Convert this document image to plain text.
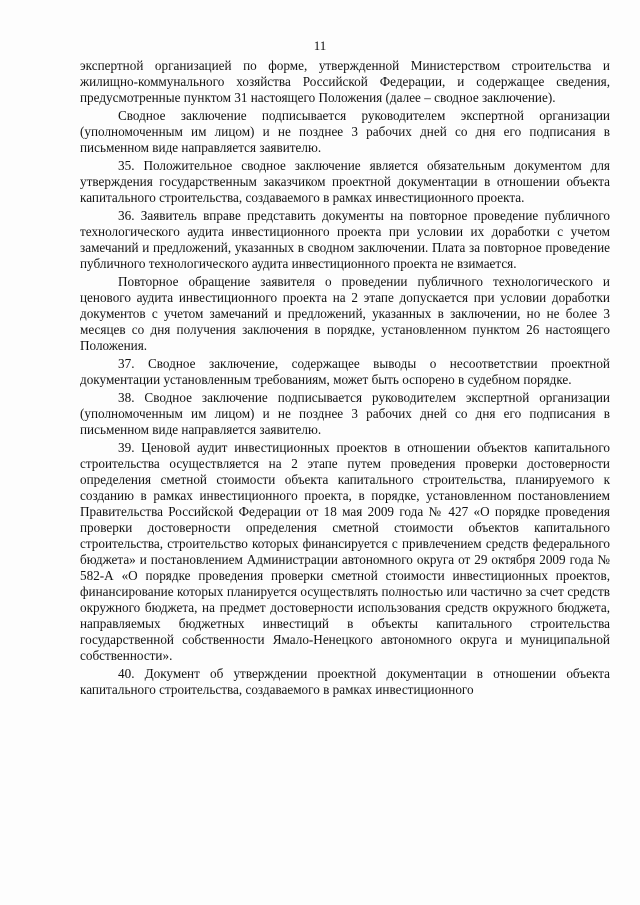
11

экспертной организацией по форме, утвержденной Министерством строительства и жилищно-коммунального хозяйства Российской Федерации, и содержащее сведения, предусмотренные пунктом 31 настоящего Положения (далее – сводное заключение).

Сводное заключение подписывается руководителем экспертной организации (уполномоченным им лицом) и не позднее 3 рабочих дней со дня его подписания в письменном виде направляется заявителю.

35. Положительное сводное заключение является обязательным документом для утверждения государственным заказчиком проектной документации в отношении объекта капитального строительства, создаваемого в рамках инвестиционного проекта.

36. Заявитель вправе представить документы на повторное проведение публичного технологического аудита инвестиционного проекта при условии их доработки с учетом замечаний и предложений, указанных в сводном заключении. Плата за повторное проведение публичного технологического аудита инвестиционного проекта не взимается.

Повторное обращение заявителя о проведении публичного технологического и ценового аудита инвестиционного проекта на 2 этапе допускается при условии доработки документов с учетом замечаний и предложений, указанных в заключении, но не более 3 месяцев со дня получения заключения в порядке, установленном пунктом 26 настоящего Положения.

37. Сводное заключение, содержащее выводы о несоответствии проектной документации установленным требованиям, может быть оспорено в судебном порядке.

38. Сводное заключение подписывается руководителем экспертной организации (уполномоченным им лицом) и не позднее 3 рабочих дней со дня его подписания в письменном виде направляется заявителю.

39. Ценовой аудит инвестиционных проектов в отношении объектов капитального строительства осуществляется на 2 этапе путем проведения проверки достоверности определения сметной стоимости объекта капитального строительства, планируемого к созданию в рамках инвестиционного проекта, в порядке, установленном постановлением Правительства Российской Федерации от 18 мая 2009 года № 427 «О порядке проведения проверки достоверности определения сметной стоимости объектов капитального строительства, строительство которых финансируется с привлечением средств федерального бюджета» и постановлением Администрации автономного округа от 29 октября 2009 года № 582-А «О порядке проведения проверки сметной стоимости инвестиционных проектов, финансирование которых планируется осуществлять полностью или частично за счет средств окружного бюджета, на предмет достоверности использования средств окружного бюджета, направляемых бюджетных инвестиций в объекты капитального строительства государственной собственности Ямало-Ненецкого автономного округа и муниципальной собственности».

40. Документ об утверждении проектной документации в отношении объекта капитального строительства, создаваемого в рамках инвестиционного
